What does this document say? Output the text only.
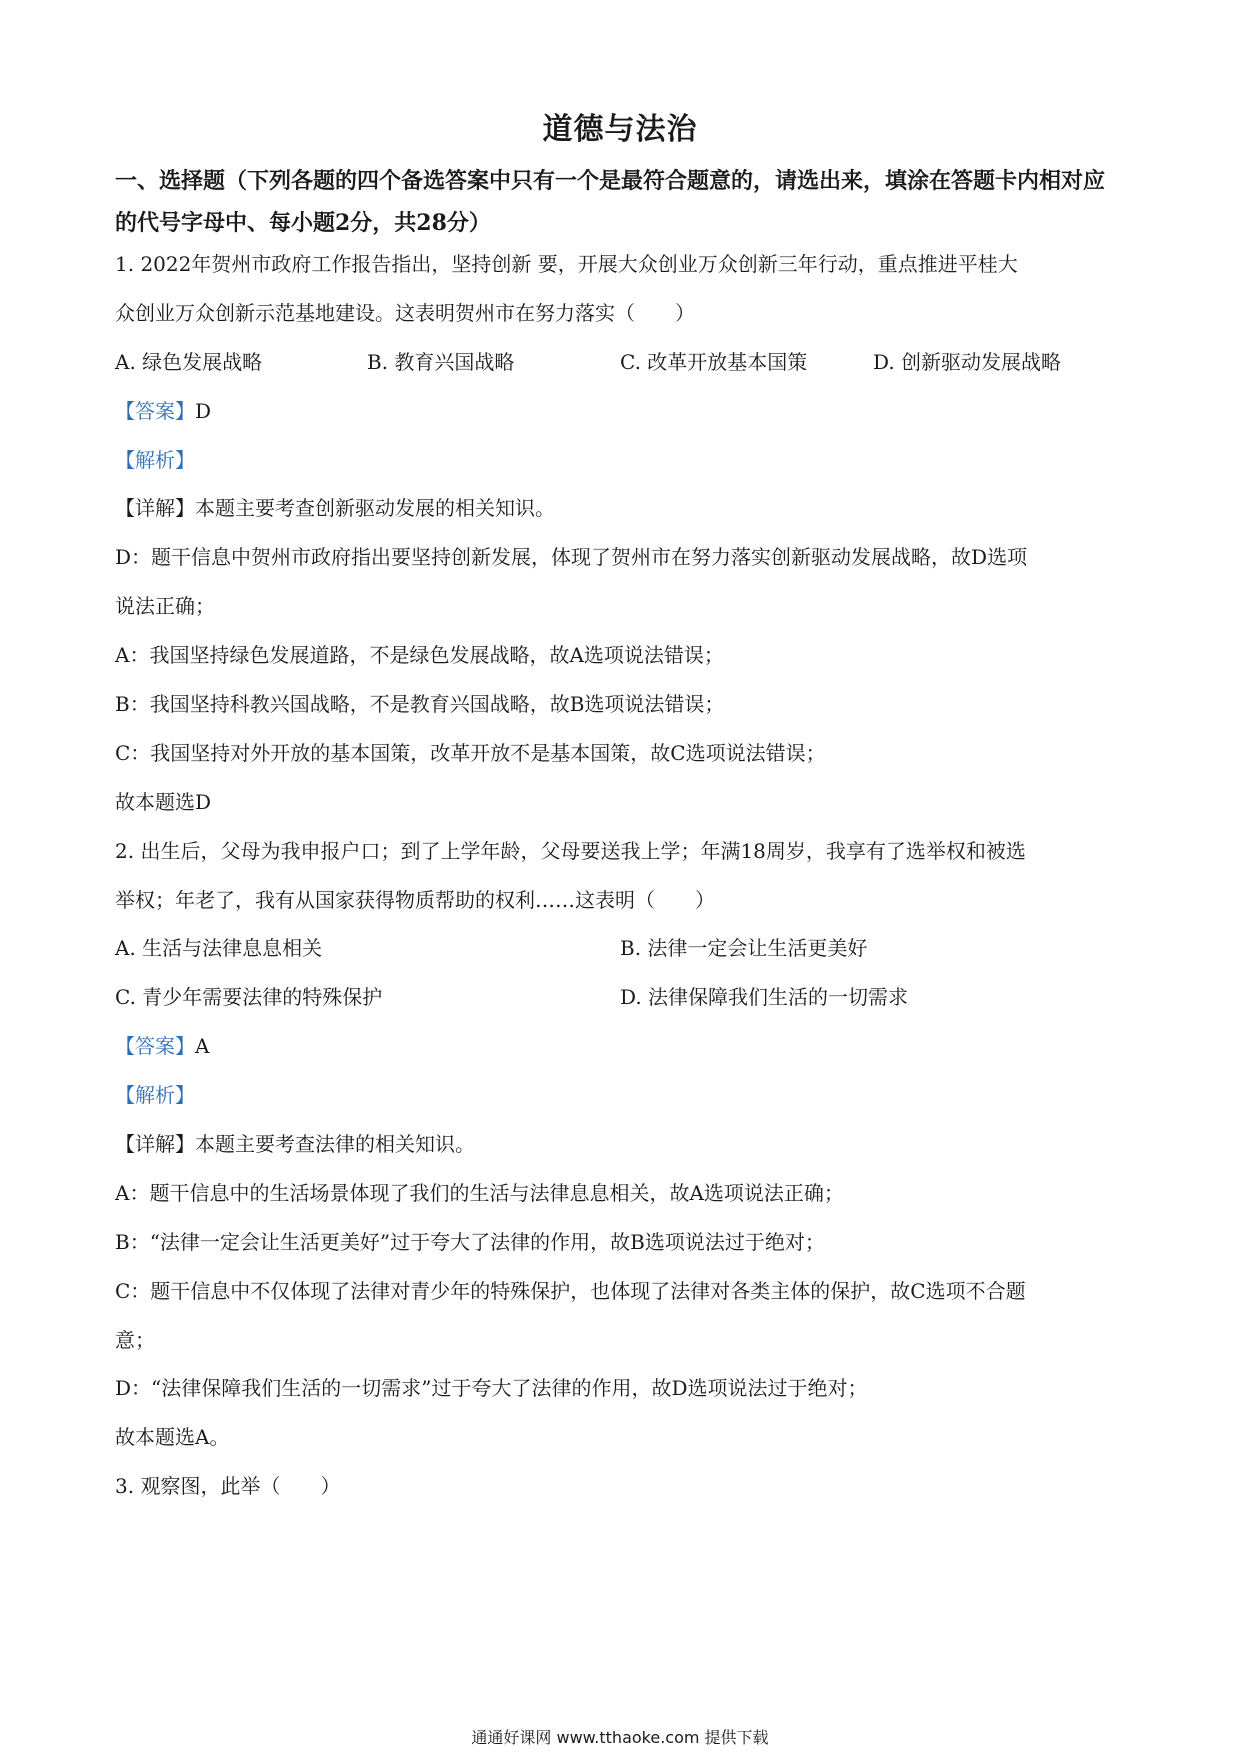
道德与法治
一、选择题（下列各题的四个备选答案中只有一个是最符合题意的，请选出来，填涂在答题卡内相对应的代号字母中、每小题2分，共28分）
1. 2022年贺州市政府工作报告指出，坚持创新 要，开展大众创业万众创新三年行动，重点推进平桂大
众创业万众创新示范基地建设。这表明贺州市在努力落实（　　）
A. 绿色发展战略	B. 教育兴国战略	C. 改革开放基本国策	D. 创新驱动发展战略
【答案】D
【解析】
【详解】本题主要考查创新驱动发展的相关知识。
D：题干信息中贺州市政府指出要坚持创新发展，体现了贺州市在努力落实创新驱动发展战略，故D选项
说法正确；
A：我国坚持绿色发展道路，不是绿色发展战略，故A选项说法错误；
B：我国坚持科教兴国战略，不是教育兴国战略，故B选项说法错误；
C：我国坚持对外开放的基本国策，改革开放不是基本国策，故C选项说法错误；
故本题选D
2. 出生后，父母为我申报户口；到了上学年龄，父母要送我上学；年满18周岁，我享有了选举权和被选
举权；年老了，我有从国家获得物质帮助的权利……这表明（　　）
A. 生活与法律息息相关	B. 法律一定会让生活更美好
C. 青少年需要法律的特殊保护	D. 法律保障我们生活的一切需求
【答案】A
【解析】
【详解】本题主要考查法律的相关知识。
A：题干信息中的生活场景体现了我们的生活与法律息息相关，故A选项说法正确；
B：“法律一定会让生活更美好”过于夸大了法律的作用，故B选项说法过于绝对；
C：题干信息中不仅体现了法律对青少年的特殊保护，也体现了法律对各类主体的保护，故C选项不合题
意；
D：“法律保障我们生活的一切需求”过于夸大了法律的作用，故D选项说法过于绝对；
故本题选A。
3. 观察图，此举（　　）
通通好课网 www.tthaoke.com 提供下载
